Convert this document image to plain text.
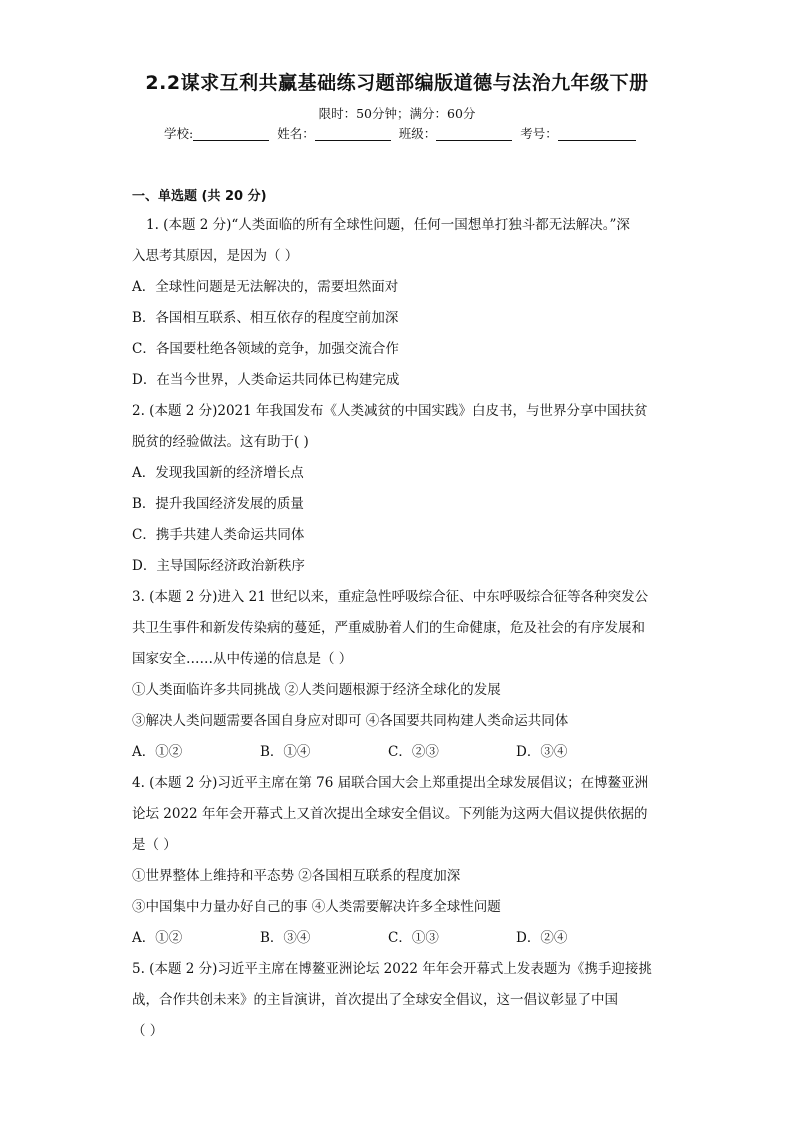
2.2谋求互利共赢基础练习题部编版道德与法治九年级下册
限时：50分钟；满分：60分
学校:	姓名：	班级：	考号：
一、单选题 (共 20 分)
1. (本题 2 分)“人类面临的所有全球性问题，任何一国想单打独斗都无法解决。”深
入思考其原因，是因为（ ）
A．全球性问题是无法解决的，需要坦然面对
B．各国相互联系、相互依存的程度空前加深
C．各国要杜绝各领域的竞争，加强交流合作
D．在当今世界，人类命运共同体已构建完成
2. (本题 2 分)2021 年我国发布《人类减贫的中国实践》白皮书，与世界分享中国扶贫
脱贫的经验做法。这有助于( )
A．发现我国新的经济增长点
B．提升我国经济发展的质量
C．携手共建人类命运共同体
D．主导国际经济政治新秩序
3. (本题 2 分)进入 21 世纪以来，重症急性呼吸综合征、中东呼吸综合征等各种突发公
共卫生事件和新发传染病的蔓延，严重威胁着人们的生命健康，危及社会的有序发展和
国家安全……从中传递的信息是（ ）
①人类面临许多共同挑战 ②人类问题根源于经济全球化的发展
③解决人类问题需要各国自身应对即可 ④各国要共同构建人类命运共同体
A．①②	B．①④	C．②③	D．③④
4. (本题 2 分)习近平主席在第 76 届联合国大会上郑重提出全球发展倡议；在博鳌亚洲
论坛 2022 年年会开幕式上又首次提出全球安全倡议。下列能为这两大倡议提供依据的
是（ ）
①世界整体上维持和平态势 ②各国相互联系的程度加深
③中国集中力量办好自己的事 ④人类需要解决许多全球性问题
A．①②	B．③④	C．①③	D．②④
5. (本题 2 分)习近平主席在博鳌亚洲论坛 2022 年年会开幕式上发表题为《携手迎接挑
战，合作共创未来》的主旨演讲，首次提出了全球安全倡议，这一倡议彰显了中国
（ ）
